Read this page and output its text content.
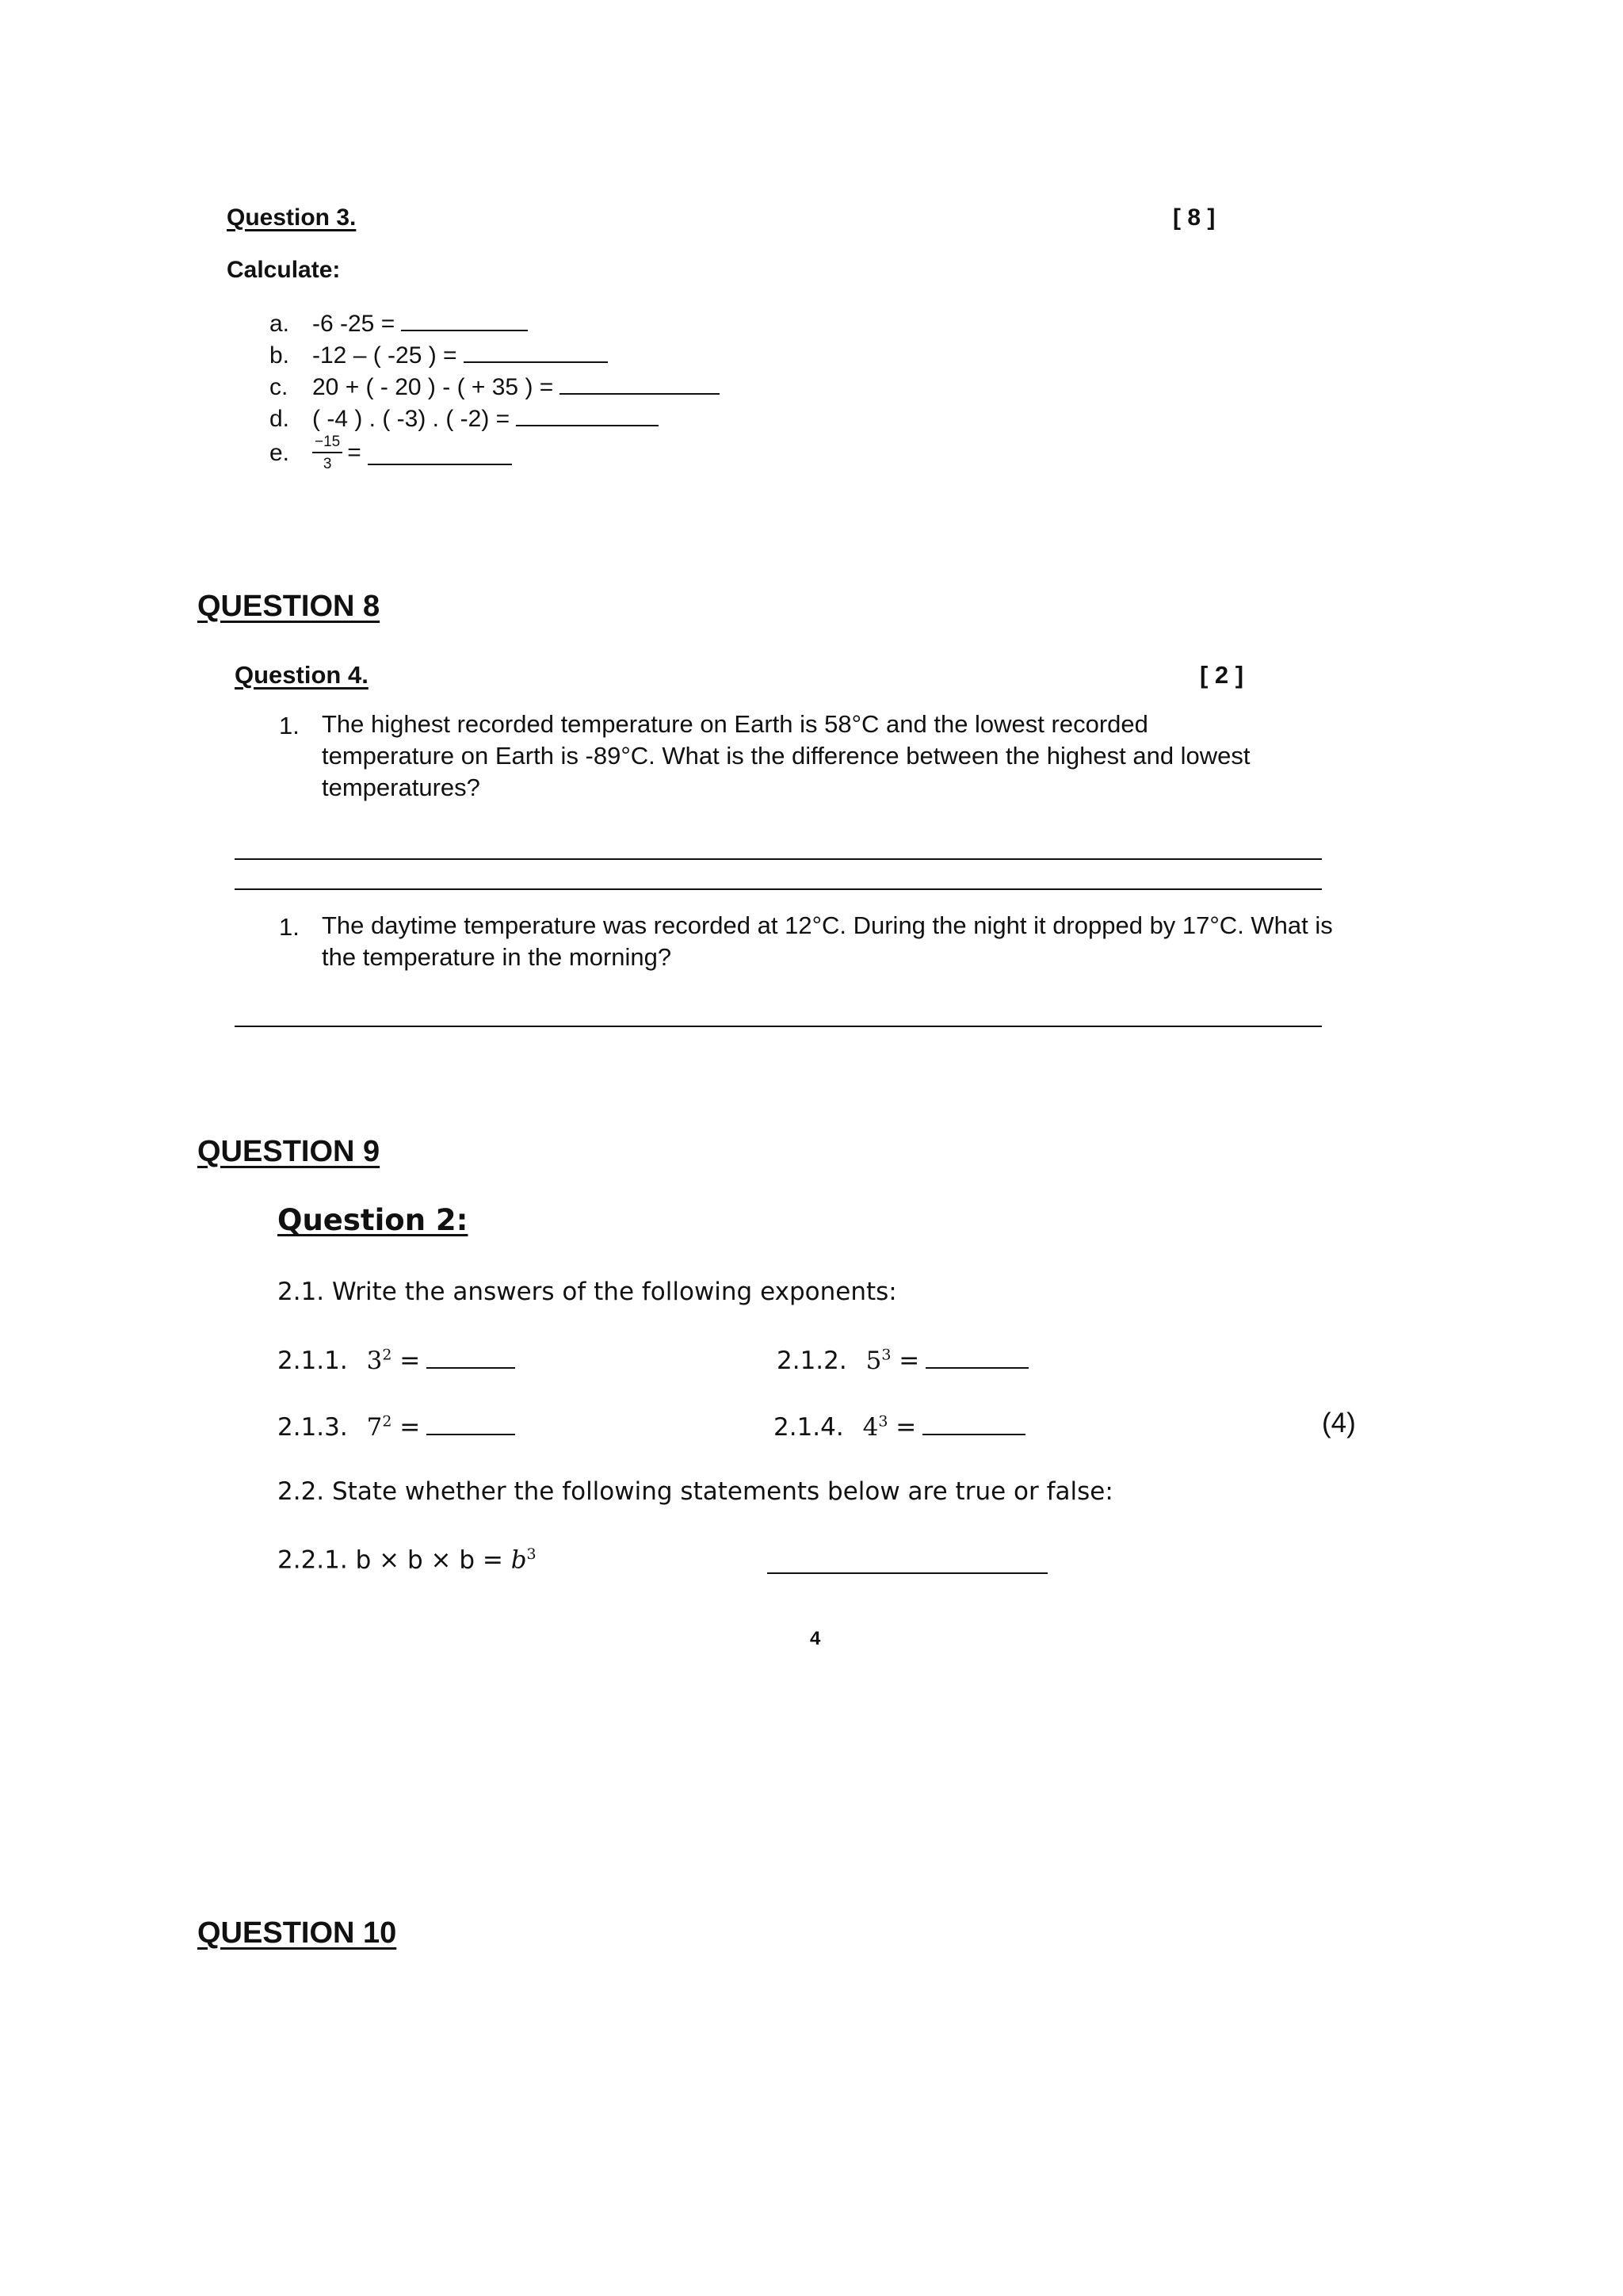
Question 3.	[ 8 ]
Calculate:
a. -6 -25 =
b. -12 – ( -25 ) =
c. 20 + ( - 20 ) - ( + 35 ) =
d. ( -4 ) . ( -3) . ( -2) =
e. $\frac{-15}{3}$ =
QUESTION 8
Question 4.	[ 2 ]
1. The highest recorded temperature on Earth is 58°C and the lowest recorded temperature on Earth is -89°C. What is the difference between the highest and lowest temperatures?
1. The daytime temperature was recorded at 12°C. During the night it dropped by 17°C. What is the temperature in the morning?
QUESTION 9
Question 2:
2.1. Write the answers of the following exponents:
2.1.1. $3^2$ =	2.1.2. $5^3$ =
2.1.3. $7^2$ =	2.1.4. $4^3$ =	(4)
2.2. State whether the following statements below are true or false:
2.2.1. $b \times b \times b = b^3$
4
QUESTION 10
